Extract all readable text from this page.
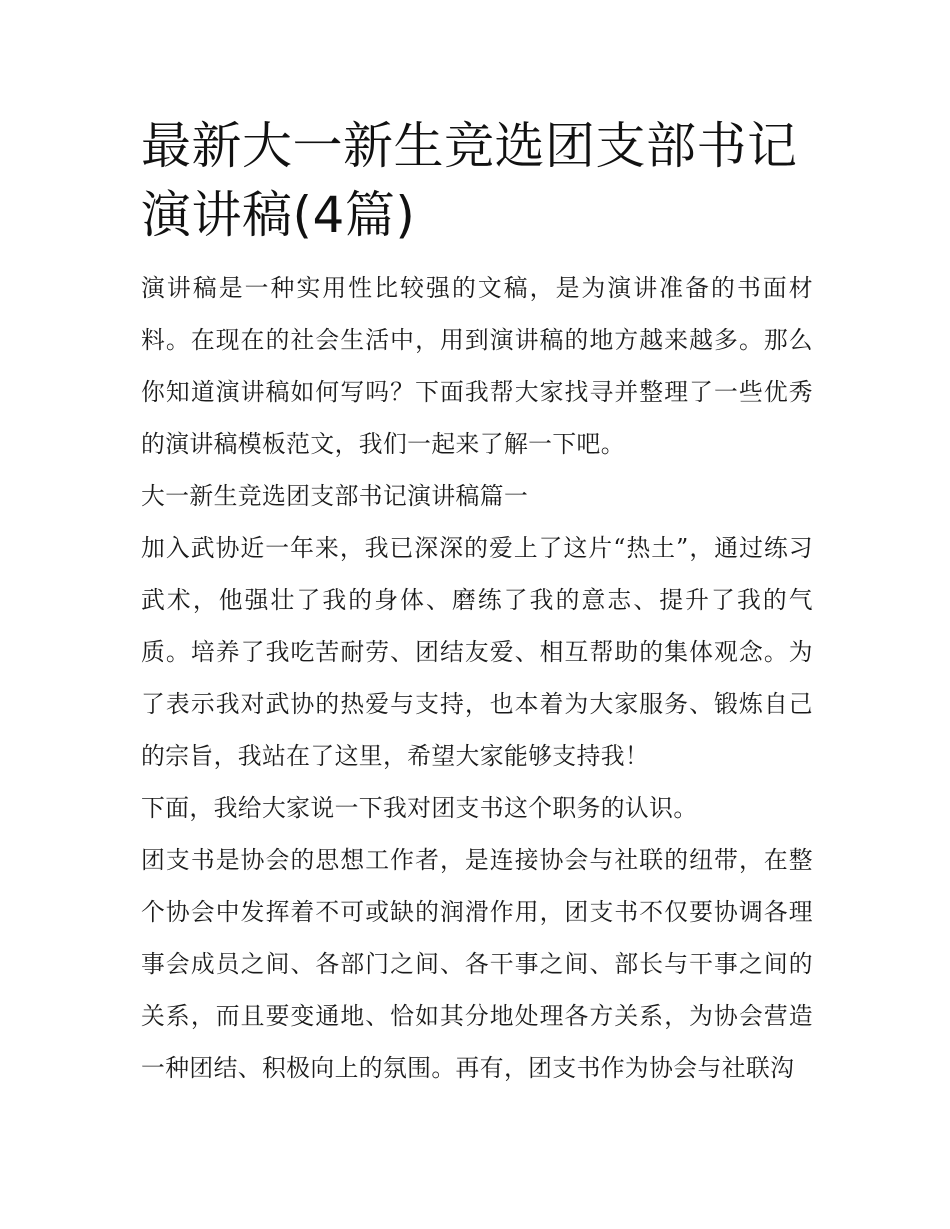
最新大一新生竞选团支部书记演讲稿(4篇)

演讲稿是一种实用性比较强的文稿，是为演讲准备的书面材料。在现在的社会生活中，用到演讲稿的地方越来越多。那么你知道演讲稿如何写吗？下面我帮大家找寻并整理了一些优秀的演讲稿模板范文，我们一起来了解一下吧。

大一新生竞选团支部书记演讲稿篇一

加入武协近一年来，我已深深的爱上了这片“热土”，通过练习武术，他强壮了我的身体、磨练了我的意志、提升了我的气质。培养了我吃苦耐劳、团结友爱、相互帮助的集体观念。为了表示我对武协的热爱与支持，也本着为大家服务、锻炼自己的宗旨，我站在了这里，希望大家能够支持我！

下面，我给大家说一下我对团支书这个职务的认识。

团支书是协会的思想工作者，是连接协会与社联的纽带，在整个协会中发挥着不可或缺的润滑作用，团支书不仅要协调各理事会成员之间、各部门之间、各干事之间、部长与干事之间的关系，而且要变通地、恰如其分地处理各方关系，为协会营造一种团结、积极向上的氛围。再有，团支书作为协会与社联沟
